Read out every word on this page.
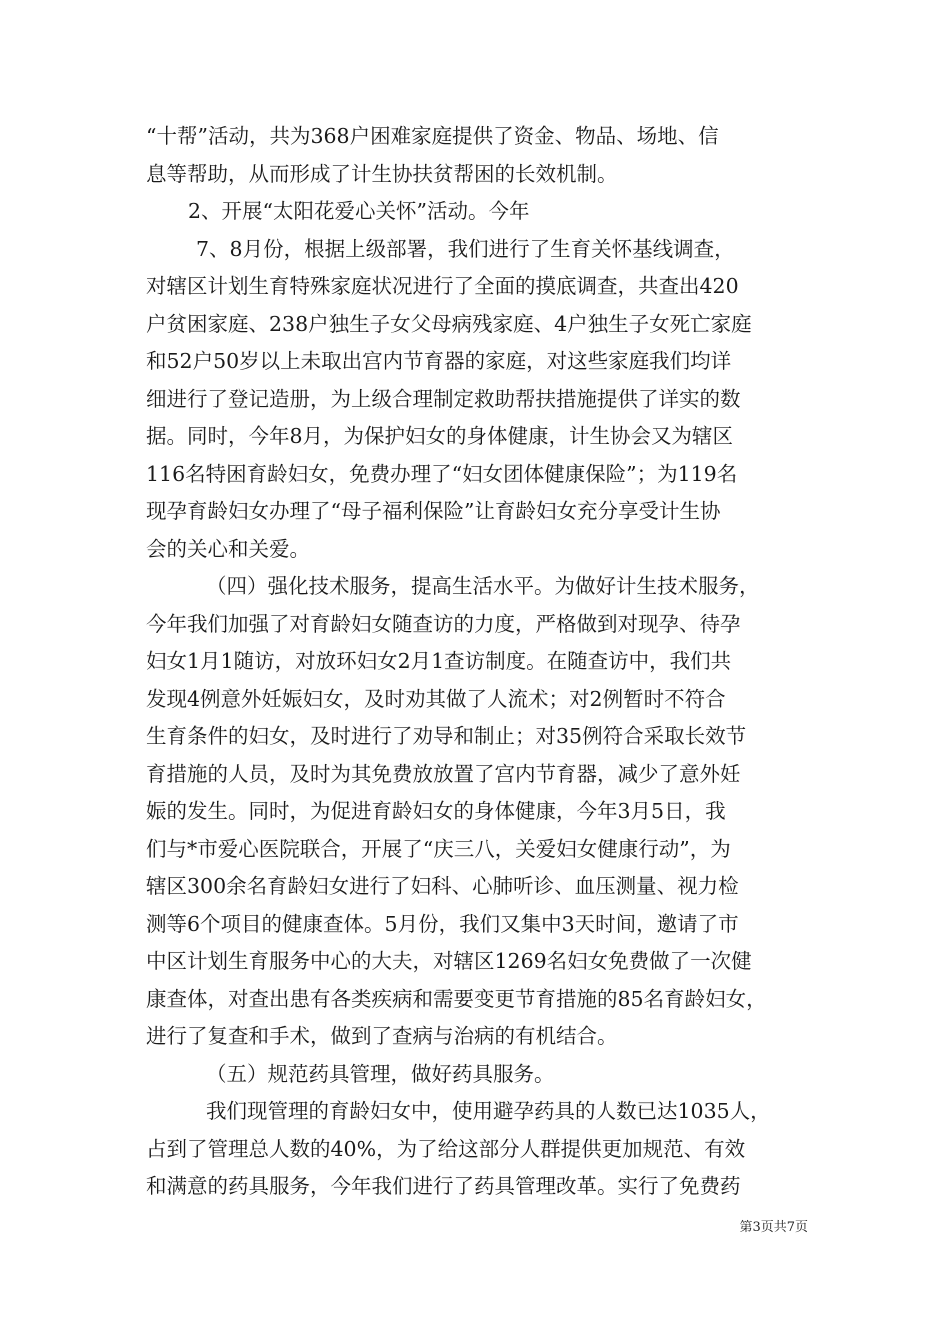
“十帮”活动，共为368户困难家庭提供了资金、物品、场地、信
息等帮助，从而形成了计生协扶贫帮困的长效机制。
2、开展“太阳花爱心关怀”活动。今年
7、8月份，根据上级部署，我们进行了生育关怀基线调查，
对辖区计划生育特殊家庭状况进行了全面的摸底调查，共查出420
户贫困家庭、238户独生子女父母病残家庭、4户独生子女死亡家庭
和52户50岁以上未取出宫内节育器的家庭，对这些家庭我们均详
细进行了登记造册，为上级合理制定救助帮扶措施提供了详实的数
据。同时，今年8月，为保护妇女的身体健康，计生协会又为辖区
116名特困育龄妇女，免费办理了“妇女团体健康保险”；为119名
现孕育龄妇女办理了“母子福利保险”让育龄妇女充分享受计生协
会的关心和关爱。
（四）强化技术服务，提高生活水平。为做好计生技术服务，
今年我们加强了对育龄妇女随查访的力度，严格做到对现孕、待孕
妇女1月1随访，对放环妇女2月1查访制度。在随查访中，我们共
发现4例意外妊娠妇女，及时劝其做了人流术；对2例暂时不符合
生育条件的妇女，及时进行了劝导和制止；对35例符合采取长效节
育措施的人员，及时为其免费放放置了宫内节育器，减少了意外妊
娠的发生。同时，为促进育龄妇女的身体健康，今年3月5日，我
们与*市爱心医院联合，开展了“庆三八，关爱妇女健康行动”，为
辖区300余名育龄妇女进行了妇科、心肺听诊、血压测量、视力检
测等6个项目的健康查体。5月份，我们又集中3天时间，邀请了市
中区计划生育服务中心的大夫，对辖区1269名妇女免费做了一次健
康查体，对查出患有各类疾病和需要变更节育措施的85名育龄妇女，
进行了复查和手术，做到了查病与治病的有机结合。
（五）规范药具管理，做好药具服务。
我们现管理的育龄妇女中，使用避孕药具的人数已达1035人，
占到了管理总人数的40%，为了给这部分人群提供更加规范、有效
和满意的药具服务，今年我们进行了药具管理改革。实行了免费药
第3页共7页
